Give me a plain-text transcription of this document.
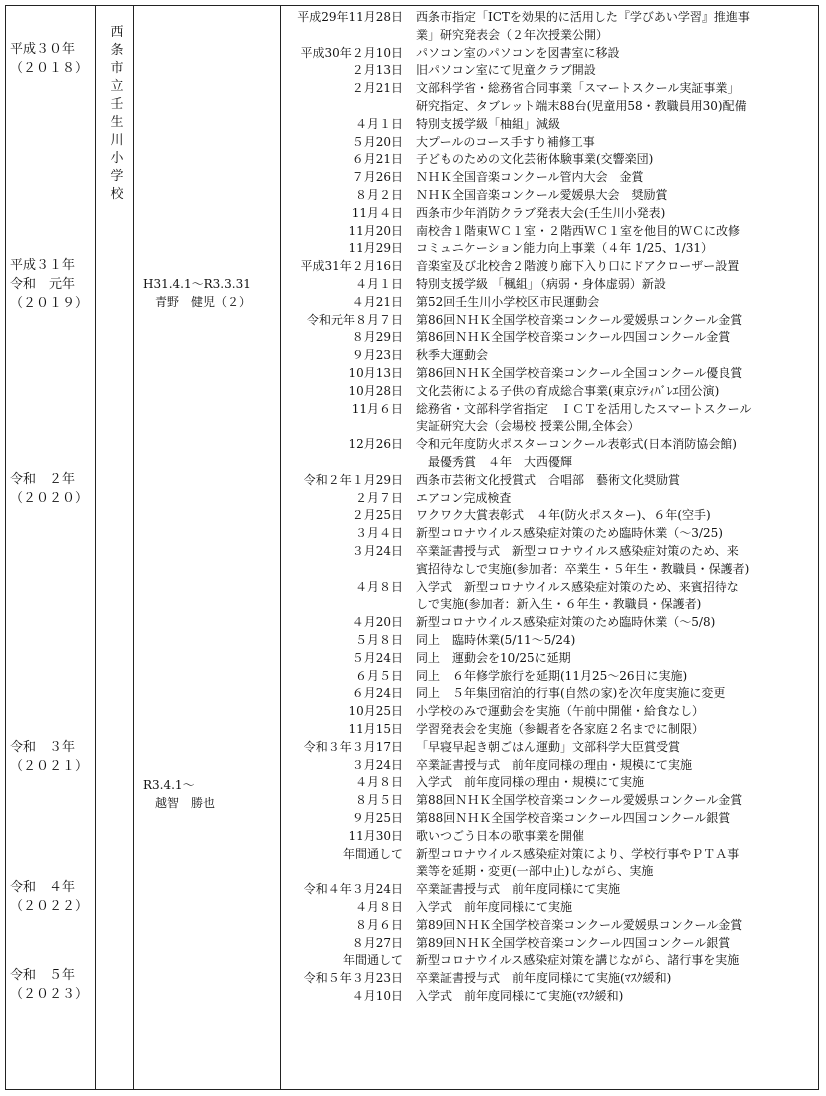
平成３０年
（２０１８）
平成３１年
令和　元年
（２０１９）
令和　２年
（２０２０）
令和　３年
（２０２１）
令和　４年
（２０２２）
令和　５年
（２０２３）
西
条
市
立
壬
生
川
小
学
校
H31.4.1～R3.3.31
　青野　健児（２）
R3.4.1～
　越智　勝也
平成29年11月28日 西条市指定「ICTを効果的に活用した『学びあい学習』推進事
業」研究発表会（２年次授業公開）
平成30年２月10日 パソコン室のパソコンを図書室に移設
２月13日 旧パソコン室にて児童クラブ開設
２月21日 文部科学省・総務省合同事業「スマートスクール実証事業」
研究指定、タブレット端末88台(児童用58・教職員用30)配備
４月１日 特別支援学級「柚組」減級
５月20日 大プールのコース手すり補修工事
６月21日 子どものための文化芸術体験事業(交響楽団)
７月26日 ＮＨＫ全国音楽コンクール管内大会　金賞
８月２日 ＮＨＫ全国音楽コンクール愛媛県大会　奨励賞
11月４日 西条市少年消防クラブ発表大会(壬生川小発表)
11月20日 南校舎１階東ＷＣ１室・２階西ＷＣ１室を他目的ＷＣに改修
11月29日 コミュニケーション能力向上事業（４年 1/25、1/31）
平成31年２月16日 音楽室及び北校舎２階渡り廊下入り口にドアクローザー設置
４月１日 特別支援学級 「楓組」（病弱・身体虚弱）新設
４月21日 第52回壬生川小学校区市民運動会
令和元年８月７日 第86回ＮＨＫ全国学校音楽コンクール愛媛県コンクール金賞
８月29日 第86回ＮＨＫ全国学校音楽コンクール四国コンクール金賞
９月23日 秋季大運動会
10月13日 第86回ＮＨＫ全国学校音楽コンクール全国コンクール優良賞
10月28日 文化芸術による子供の育成総合事業(東京ｼﾃｨﾊﾞﾚｴ団公演)
11月６日 総務省・文部科学省指定　ＩＣＴを活用したスマートスクール
実証研究大会（会場校 授業公開,全体会）
12月26日 令和元年度防火ポスターコンクール表彰式(日本消防協会館)
　最優秀賞　４年　大西優輝
令和２年１月29日 西条市芸術文化授賞式　合唱部　藝術文化奨励賞
２月７日 エアコン完成検査
２月25日 ワクワク大賞表彰式　４年(防火ポスター)、６年(空手)
３月４日 新型コロナウイルス感染症対策のため臨時休業（～3/25)
３月24日 卒業証書授与式　新型コロナウイルス感染症対策のため、来
賓招待なしで実施(参加者：卒業生・５年生・教職員・保護者)
４月８日 入学式　新型コロナウイルス感染症対策のため、来賓招待な
しで実施(参加者：新入生・６年生・教職員・保護者)
４月20日 新型コロナウイルス感染症対策のため臨時休業（～5/8)
５月８日 同上　臨時休業(5/11～5/24)
５月24日 同上　運動会を10/25に延期
６月５日 同上　６年修学旅行を延期(11月25～26日に実施)
６月24日 同上　５年集団宿泊的行事(自然の家)を次年度実施に変更
10月25日 小学校のみで運動会を実施（午前中開催・給食なし）
11月15日 学習発表会を実施（参観者を各家庭２名までに制限）
令和３年３月17日 「早寝早起き朝ごはん運動」文部科学大臣賞受賞
３月24日 卒業証書授与式　前年度同様の理由・規模にて実施
４月８日 入学式　前年度同様の理由・規模にて実施
８月５日 第88回ＮＨＫ全国学校音楽コンクール愛媛県コンクール金賞
９月25日 第88回ＮＨＫ全国学校音楽コンクール四国コンクール銀賞
11月30日 歌いつごう日本の歌事業を開催
年間通して 新型コロナウイルス感染症対策により、学校行事やＰＴＡ事
業等を延期・変更(一部中止)しながら、実施
令和４年３月24日 卒業証書授与式　前年度同様にて実施
４月８日 入学式　前年度同様にて実施
８月６日 第89回ＮＨＫ全国学校音楽コンクール愛媛県コンクール金賞
８月27日 第89回ＮＨＫ全国学校音楽コンクール四国コンクール銀賞
年間通して 新型コロナウイルス感染症対策を講じながら、諸行事を実施
令和５年３月23日 卒業証書授与式　前年度同様にて実施(ﾏｽｸ緩和)
４月10日 入学式　前年度同様にて実施(ﾏｽｸ緩和)
